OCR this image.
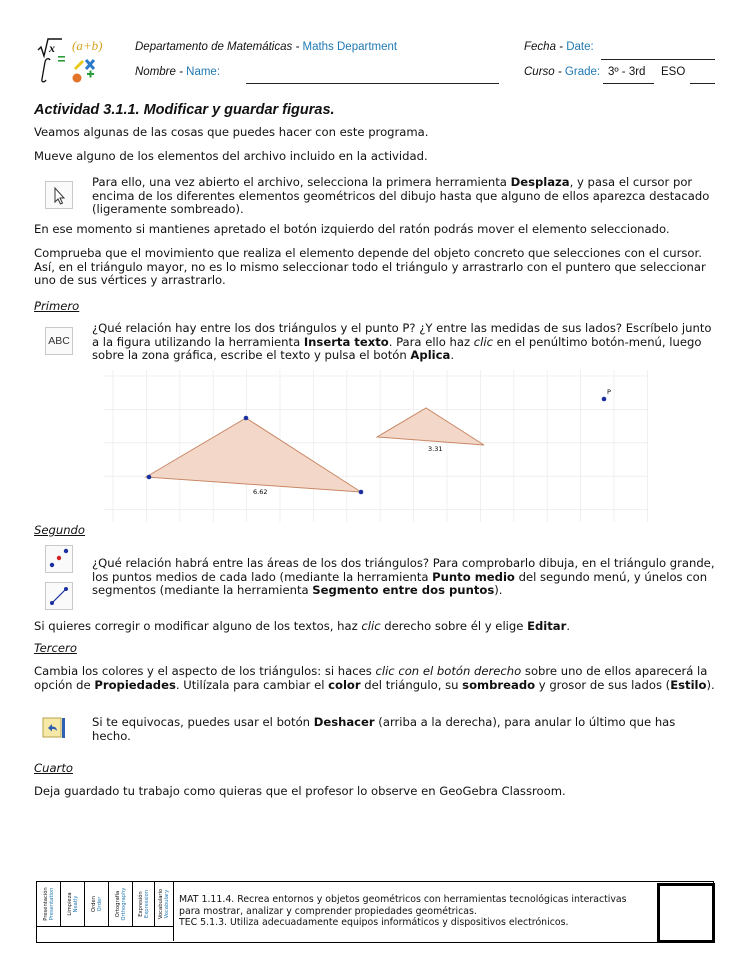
x (a+b)	Departamento de Matemáticas - Maths Department	Fecha - Date:
Nombre - Name:	Curso - Grade: 3º - 3rd ESO
Actividad 3.1.1. Modificar y guardar figuras.
Veamos algunas de las cosas que puedes hacer con este programa.
Mueve alguno de los elementos del archivo incluido en la actividad.
Para ello, una vez abierto el archivo, selecciona la primera herramienta Desplaza, y pasa el cursor por encima de los diferentes elementos geométricos del dibujo hasta que alguno de ellos aparezca destacado (ligeramente sombreado).
En ese momento si mantienes apretado el botón izquierdo del ratón podrás mover el elemento seleccionado.
Comprueba que el movimiento que realiza el elemento depende del objeto concreto que selecciones con el cursor. Así, en el triángulo mayor, no es lo mismo seleccionar todo el triángulo y arrastrarlo con el puntero que seleccionar uno de sus vértices y arrastrarlo.
Primero
ABC
¿Qué relación hay entre los dos triángulos y el punto P? ¿Y entre las medidas de sus lados? Escríbelo junto a la figura utilizando la herramienta Inserta texto. Para ello haz clic en el penúltimo botón-menú, luego sobre la zona gráfica, escribe el texto y pulsa el botón Aplica.
P
6.62
3.31
Segundo
¿Qué relación habrá entre las áreas de los dos triángulos? Para comprobarlo dibuja, en el triángulo grande, los puntos medios de cada lado (mediante la herramienta Punto medio del segundo menú, y únelos con segmentos (mediante la herramienta Segmento entre dos puntos).
Si quieres corregir o modificar alguno de los textos, haz clic derecho sobre él y elige Editar.
Tercero
Cambia los colores y el aspecto de los triángulos: si haces clic con el botón derecho sobre uno de ellos aparecerá la opción de Propiedades. Utilízala para cambiar el color del triángulo, su sombreado y grosor de sus lados (Estilo).
Si te equivocas, puedes usar el botón Deshacer (arriba a la derecha), para anular lo último que has hecho.
Cuarto
Deja guardado tu trabajo como quieras que el profesor lo observe en GeoGebra Classroom.
Presentación Presentation Limpieza Neatly Orden Order Ortografía Orthography Expresión Expression Vocabulario Vocabulary MAT 1.11.4. Recrea entornos y objetos geométricos con herramientas tecnológicas interactivas
para mostrar, analizar y comprender propiedades geométricas.
TEC 5.1.3. Utiliza adecuadamente equipos informáticos y dispositivos electrónicos.
